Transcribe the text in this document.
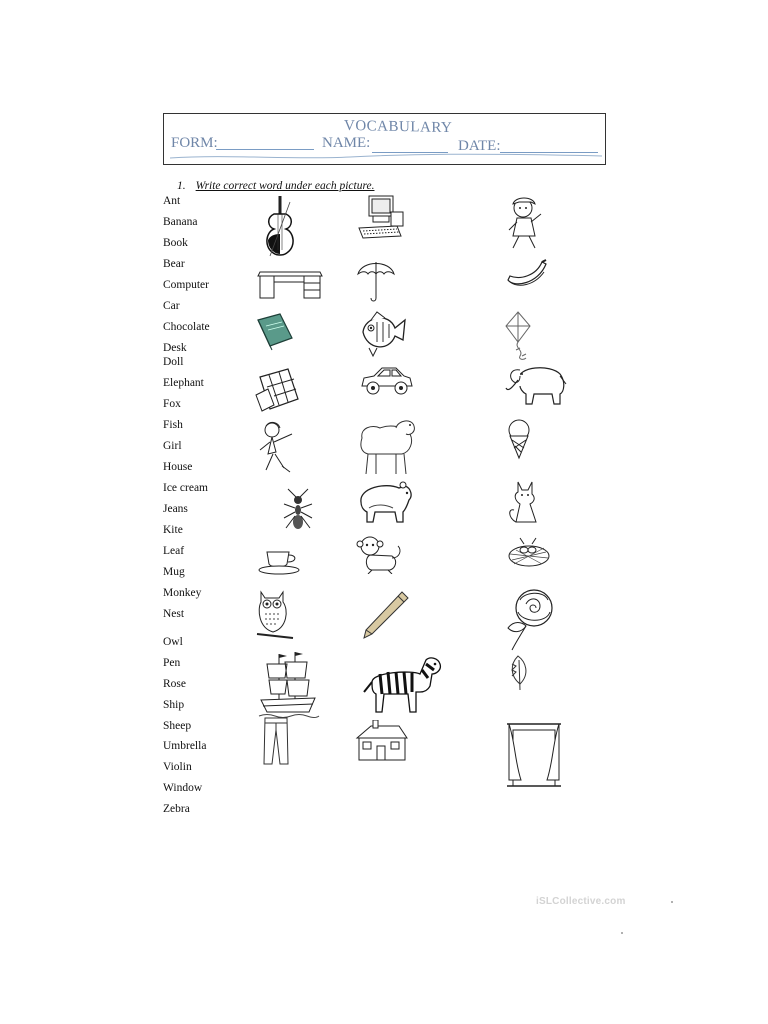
VOCABULARY
FORM:	NAME:	DATE:
1. Write correct word under each picture.
Ant
Banana
Book
Bear
Computer
Car
Chocolate
Desk
Doll
Elephant
Fox
Fish
Girl
House
Ice cream
Jeans
Kite
Leaf
Mug
Monkey
Nest
Owl
Pen
Rose
Ship
Sheep
Umbrella
Violin
Window
Zebra
iSLCollective.com
